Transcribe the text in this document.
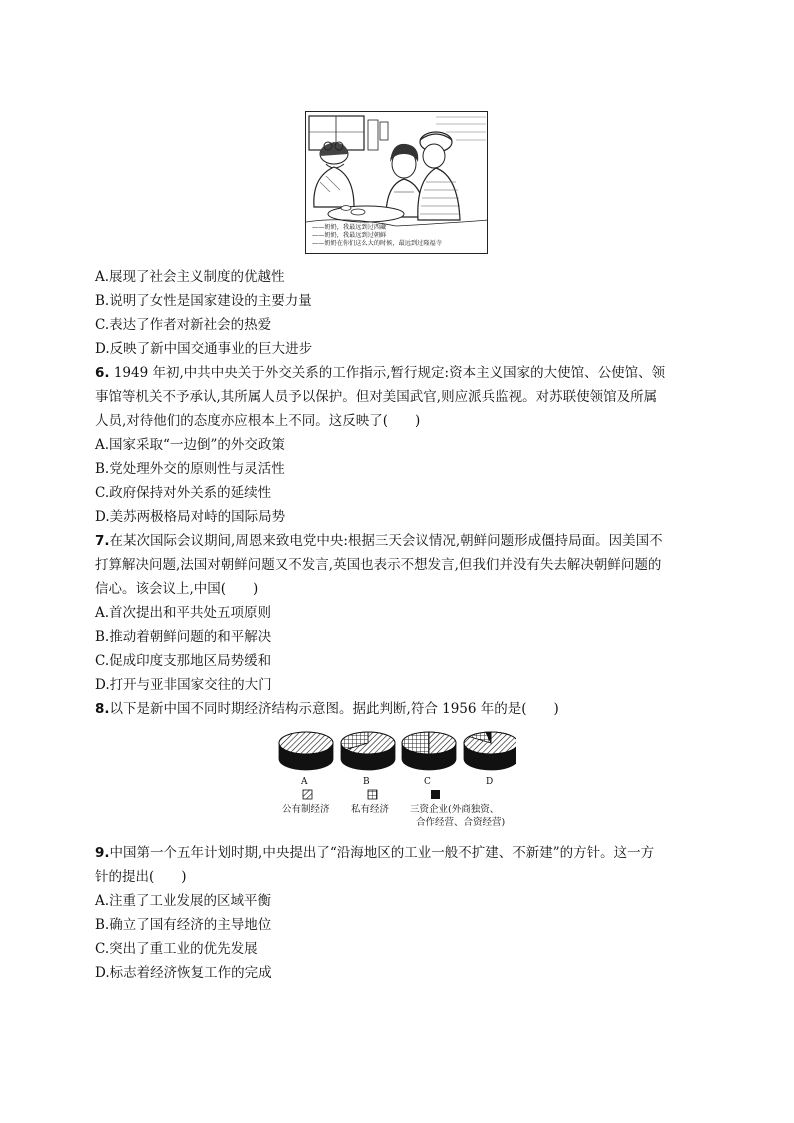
——奶奶，我最远到过西藏
——奶奶，我最远到过朝鲜
——奶奶在你们这么大的时候，最远到过隆福寺
A.展现了社会主义制度的优越性
B.说明了女性是国家建设的主要力量
C.表达了作者对新社会的热爱
D.反映了新中国交通事业的巨大进步
6. 1949 年初,中共中央关于外交关系的工作指示,暂行规定:资本主义国家的大使馆、公使馆、领
事馆等机关不予承认,其所属人员予以保护。但对美国武官,则应派兵监视。对苏联使领馆及所属
人员,对待他们的态度亦应根本上不同。这反映了(　　)
A.国家采取“一边倒”的外交政策
B.党处理外交的原则性与灵活性
C.政府保持对外关系的延续性
D.美苏两极格局对峙的国际局势
7.在某次国际会议期间,周恩来致电党中央:根据三天会议情况,朝鲜问题形成僵持局面。因美国不
打算解决问题,法国对朝鲜问题又不发言,英国也表示不想发言,但我们并没有失去解决朝鲜问题的
信心。该会议上,中国(　　)
A.首次提出和平共处五项原则
B.推动着朝鲜问题的和平解决
C.促成印度支那地区局势缓和
D.打开与亚非国家交往的大门
8.以下是新中国不同时期经济结构示意图。据此判断,符合 1956 年的是(　　)
A	B	C	D
公有制经济 私有经济 三资企业(外商独资、
合作经营、合资经营)
9.中国第一个五年计划时期,中央提出了“沿海地区的工业一般不扩建、不新建”的方针。这一方
针的提出(　　)
A.注重了工业发展的区域平衡
B.确立了国有经济的主导地位
C.突出了重工业的优先发展
D.标志着经济恢复工作的完成
